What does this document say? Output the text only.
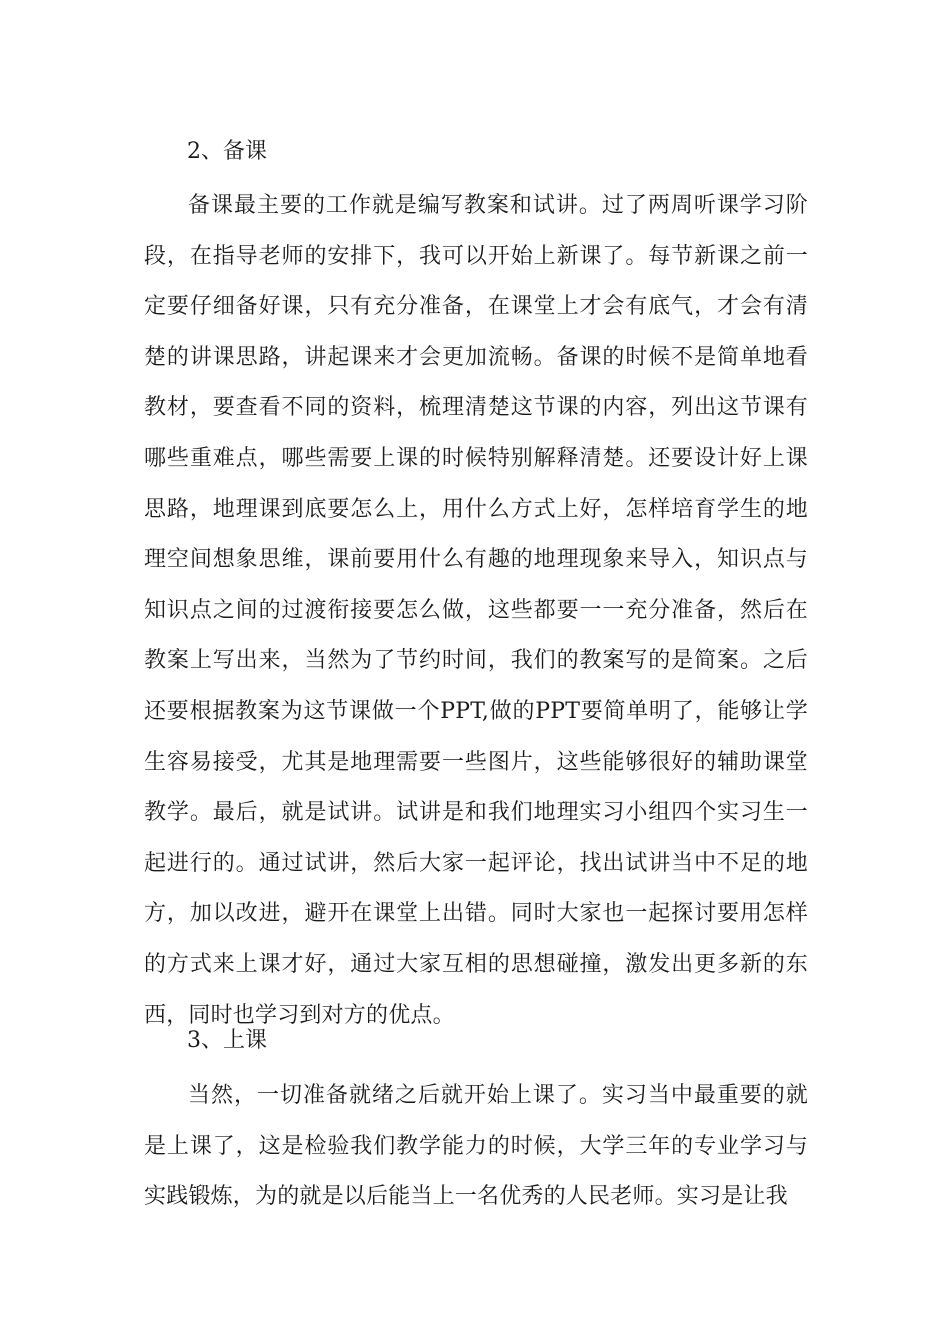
2、备课
备课最主要的工作就是编写教案和试讲。过了两周听课学习阶段，在指导老师的安排下，我可以开始上新课了。每节新课之前一定要仔细备好课，只有充分准备，在课堂上才会有底气，才会有清楚的讲课思路，讲起课来才会更加流畅。备课的时候不是简单地看教材，要查看不同的资料，梳理清楚这节课的内容，列出这节课有哪些重难点，哪些需要上课的时候特别解释清楚。还要设计好上课思路，地理课到底要怎么上，用什么方式上好，怎样培育学生的地理空间想象思维，课前要用什么有趣的地理现象来导入，知识点与知识点之间的过渡衔接要怎么做，这些都要一一充分准备，然后在教案上写出来，当然为了节约时间，我们的教案写的是简案。之后还要根据教案为这节课做一个PPT,做的PPT要简单明了，能够让学生容易接受，尤其是地理需要一些图片，这些能够很好的辅助课堂教学。最后，就是试讲。试讲是和我们地理实习小组四个实习生一起进行的。通过试讲，然后大家一起评论，找出试讲当中不足的地方，加以改进，避开在课堂上出错。同时大家也一起探讨要用怎样的方式来上课才好，通过大家互相的思想碰撞，激发出更多新的东西，同时也学习到对方的优点。
3、上课
当然，一切准备就绪之后就开始上课了。实习当中最重要的就是上课了，这是检验我们教学能力的时候，大学三年的专业学习与实践锻炼，为的就是以后能当上一名优秀的人民老师。实习是让我
